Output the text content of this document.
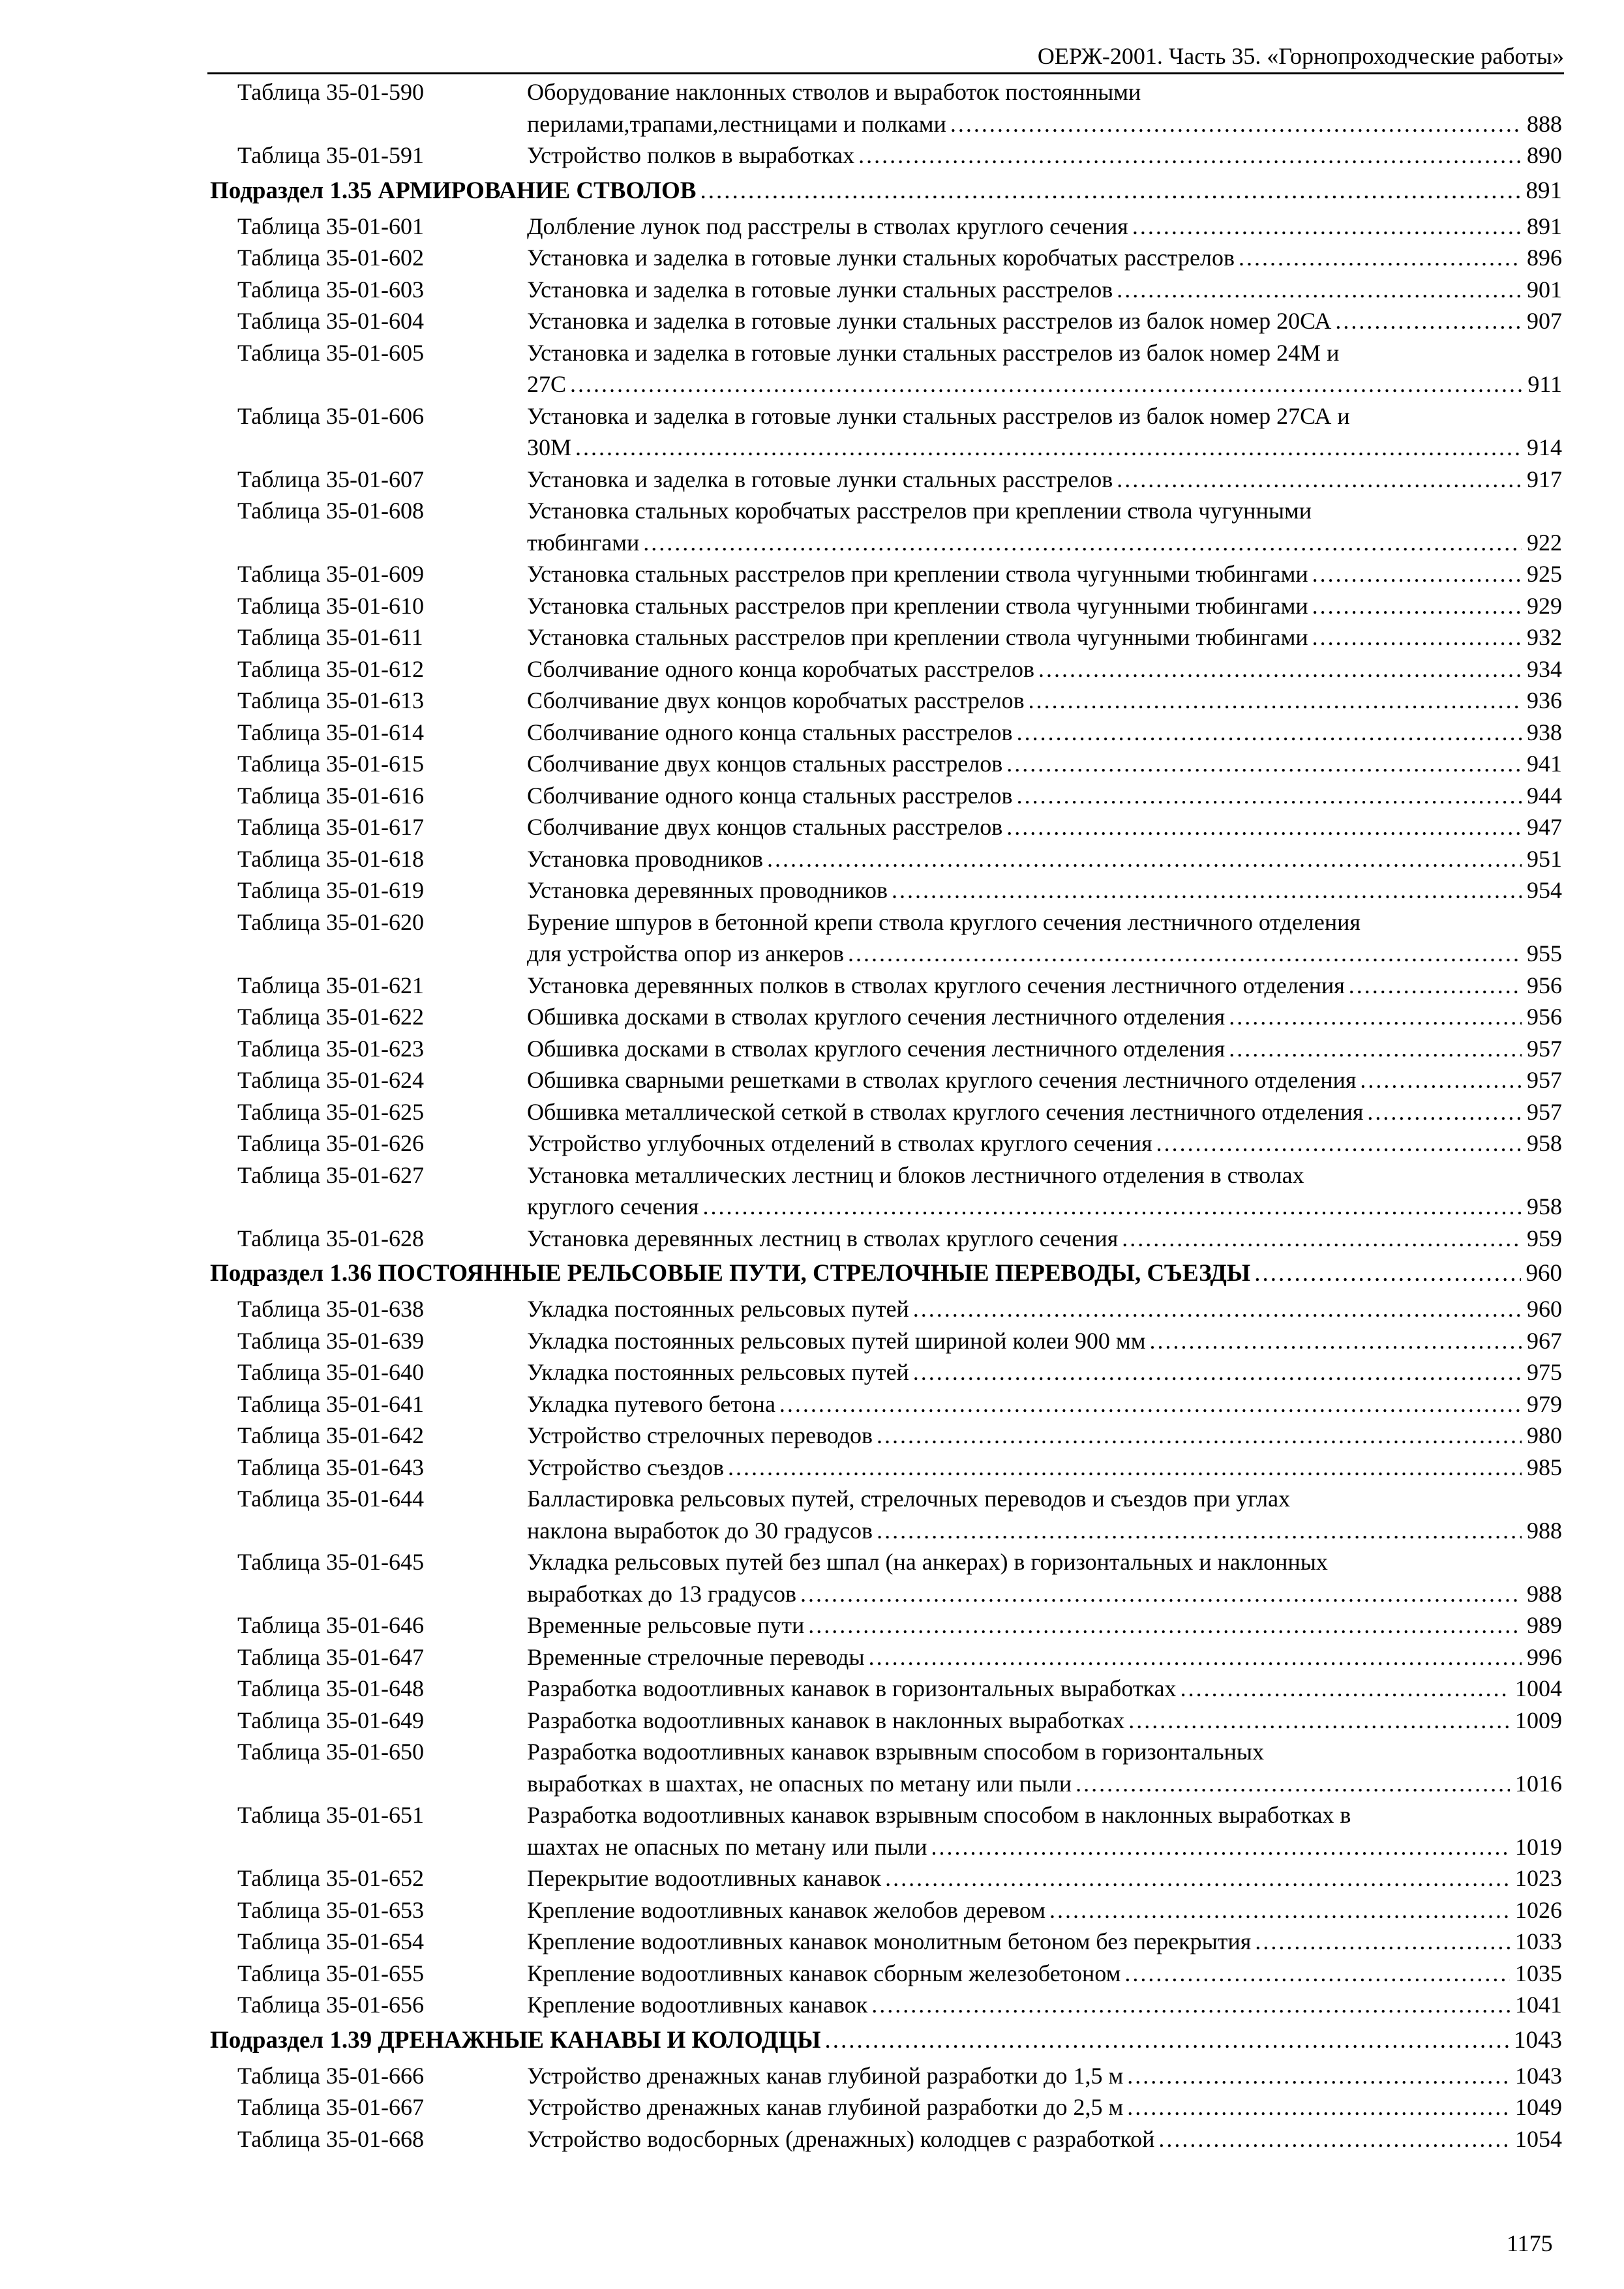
ОЕРЖ-2001. Часть 35. «Горнопроходческие работы»
Таблица 35-01-590	Оборудование наклонных стволов и выработок постоянными
перилами,трапами,лестницами и полками .....	888
Таблица 35-01-591	Устройство полков в выработках .....	890
Подраздел 1.35 АРМИРОВАНИЕ СТВОЛОВ .....	891
Таблица 35-01-601	Долбление лунок под расстрелы в стволах круглого сечения .....	891
Таблица 35-01-602	Установка и заделка в готовые лунки стальных коробчатых расстрелов .....	896
Таблица 35-01-603	Установка и заделка в готовые лунки стальных расстрелов .....	901
Таблица 35-01-604	Установка и заделка в готовые лунки стальных расстрелов из балок номер 20СА .....	907
Таблица 35-01-605	Установка и заделка в готовые лунки стальных расстрелов из балок номер 24М и
27С .....	911
Таблица 35-01-606	Установка и заделка в готовые лунки стальных расстрелов из балок номер 27СА и
30М .....	914
Таблица 35-01-607	Установка и заделка в готовые лунки стальных расстрелов .....	917
Таблица 35-01-608	Установка стальных коробчатых расстрелов при креплении ствола чугунными
тюбингами .....	922
Таблица 35-01-609	Установка стальных расстрелов при креплении ствола чугунными тюбингами .....	925
Таблица 35-01-610	Установка стальных расстрелов при креплении ствола чугунными тюбингами .....	929
Таблица 35-01-611	Установка стальных расстрелов при креплении ствола чугунными тюбингами .....	932
Таблица 35-01-612	Сболчивание одного конца коробчатых расстрелов .....	934
Таблица 35-01-613	Сболчивание двух концов коробчатых расстрелов .....	936
Таблица 35-01-614	Сболчивание одного конца стальных расстрелов .....	938
Таблица 35-01-615	Сболчивание двух концов стальных расстрелов .....	941
Таблица 35-01-616	Сболчивание одного конца стальных расстрелов .....	944
Таблица 35-01-617	Сболчивание двух концов стальных расстрелов .....	947
Таблица 35-01-618	Установка проводников .....	951
Таблица 35-01-619	Установка деревянных проводников .....	954
Таблица 35-01-620	Бурение шпуров в бетонной крепи ствола круглого сечения лестничного отделения
для устройства опор из анкеров .....	955
Таблица 35-01-621	Установка деревянных полков в стволах круглого сечения лестничного отделения .....	956
Таблица 35-01-622	Обшивка досками в стволах круглого сечения лестничного отделения .....	956
Таблица 35-01-623	Обшивка досками в стволах круглого сечения лестничного отделения .....	957
Таблица 35-01-624	Обшивка сварными решетками в стволах круглого сечения лестничного отделения .....	957
Таблица 35-01-625	Обшивка металлической сеткой в стволах круглого сечения лестничного отделения .....	957
Таблица 35-01-626	Устройство углубочных отделений в стволах круглого сечения .....	958
Таблица 35-01-627	Установка металлических лестниц и блоков лестничного отделения в стволах
круглого сечения .....	958
Таблица 35-01-628	Установка деревянных лестниц в стволах круглого сечения .....	959
Подраздел 1.36 ПОСТОЯННЫЕ РЕЛЬСОВЫЕ ПУТИ, СТРЕЛОЧНЫЕ ПЕРЕВОДЫ, СЪЕЗДЫ .....	960
Таблица 35-01-638	Укладка постоянных рельсовых путей .....	960
Таблица 35-01-639	Укладка постоянных рельсовых путей шириной колеи 900 мм .....	967
Таблица 35-01-640	Укладка постоянных рельсовых путей .....	975
Таблица 35-01-641	Укладка путевого бетона .....	979
Таблица 35-01-642	Устройство стрелочных переводов .....	980
Таблица 35-01-643	Устройство съездов .....	985
Таблица 35-01-644	Балластировка рельсовых путей, стрелочных переводов и съездов при углах
наклона выработок до 30 градусов .....	988
Таблица 35-01-645	Укладка рельсовых путей без шпал (на анкерах) в горизонтальных и наклонных
выработках до 13 градусов .....	988
Таблица 35-01-646	Временные рельсовые пути .....	989
Таблица 35-01-647	Временные стрелочные переводы .....	996
Таблица 35-01-648	Разработка водоотливных канавок в горизонтальных выработках .....	1004
Таблица 35-01-649	Разработка водоотливных канавок в наклонных выработках .....	1009
Таблица 35-01-650	Разработка водоотливных канавок взрывным способом в горизонтальных
выработках в шахтах, не опасных по метану или пыли .....	1016
Таблица 35-01-651	Разработка водоотливных канавок взрывным способом в наклонных выработках в
шахтах не опасных по метану или пыли .....	1019
Таблица 35-01-652	Перекрытие водоотливных канавок .....	1023
Таблица 35-01-653	Крепление водоотливных канавок желобов деревом .....	1026
Таблица 35-01-654	Крепление водоотливных канавок монолитным бетоном без перекрытия .....	1033
Таблица 35-01-655	Крепление водоотливных канавок сборным железобетоном .....	1035
Таблица 35-01-656	Крепление водоотливных канавок .....	1041
Подраздел 1.39 ДРЕНАЖНЫЕ КАНАВЫ И КОЛОДЦЫ .....	1043
Таблица 35-01-666	Устройство дренажных канав глубиной разработки до 1,5 м .....	1043
Таблица 35-01-667	Устройство дренажных канав глубиной разработки до 2,5 м .....	1049
Таблица 35-01-668	Устройство водосборных (дренажных) колодцев с разработкой .....	1054
1175
